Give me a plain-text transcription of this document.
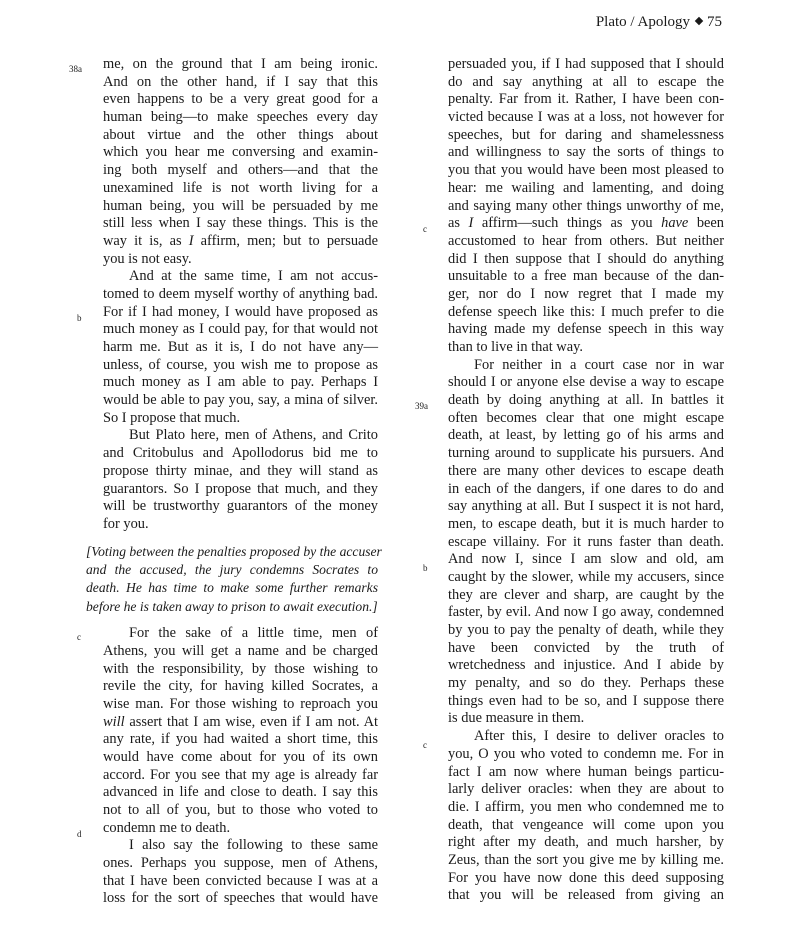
Plato / Apology 75
38a
b
c
d
c
39a
b
c
me, on the ground that I am being ironic.
And on the other hand, if I say that this
even happens to be a very great good for a
human being—to make speeches every day
about virtue and the other things about
which you hear me conversing and examin-
ing both myself and others—and that the
unexamined life is not worth living for a
human being, you will be persuaded by me
still less when I say these things. This is the
way it is, as I affirm, men; but to persuade
you is not easy.
And at the same time, I am not accus-
tomed to deem myself worthy of anything bad.
For if I had money, I would have proposed as
much money as I could pay, for that would not
harm me. But as it is, I do not have any—
unless, of course, you wish me to propose as
much money as I am able to pay. Perhaps I
would be able to pay you, say, a mina of silver.
So I propose that much.
But Plato here, men of Athens, and Crito
and Critobulus and Apollodorus bid me to
propose thirty minae, and they will stand as
guarantors. So I propose that much, and they
will be trustworthy guarantors of the money
for you.
[Voting between the penalties proposed by the accuser
and the accused, the jury condemns Socrates to
death. He has time to make some further remarks
before he is taken away to prison to await execution.]
For the sake of a little time, men of
Athens, you will get a name and be charged
with the responsibility, by those wishing to
revile the city, for having killed Socrates, a
wise man. For those wishing to reproach you
will assert that I am wise, even if I am not. At
any rate, if you had waited a short time, this
would have come about for you of its own
accord. For you see that my age is already far
advanced in life and close to death. I say this
not to all of you, but to those who voted to
condemn me to death.
I also say the following to these same
ones. Perhaps you suppose, men of Athens,
that I have been convicted because I was at a
loss for the sort of speeches that would have
persuaded you, if I had supposed that I should
do and say anything at all to escape the
penalty. Far from it. Rather, I have been con-
victed because I was at a loss, not however for
speeches, but for daring and shamelessness
and willingness to say the sorts of things to
you that you would have been most pleased to
hear: me wailing and lamenting, and doing
and saying many other things unworthy of me,
as I affirm—such things as you have been
accustomed to hear from others. But neither
did I then suppose that I should do anything
unsuitable to a free man because of the dan-
ger, nor do I now regret that I made my
defense speech like this: I much prefer to die
having made my defense speech in this way
than to live in that way.
For neither in a court case nor in war
should I or anyone else devise a way to escape
death by doing anything at all. In battles it
often becomes clear that one might escape
death, at least, by letting go of his arms and
turning around to supplicate his pursuers. And
there are many other devices to escape death
in each of the dangers, if one dares to do and
say anything at all. But I suspect it is not hard,
men, to escape death, but it is much harder to
escape villainy. For it runs faster than death.
And now I, since I am slow and old, am
caught by the slower, while my accusers, since
they are clever and sharp, are caught by the
faster, by evil. And now I go away, condemned
by you to pay the penalty of death, while they
have been convicted by the truth of
wretchedness and injustice. And I abide by
my penalty, and so do they. Perhaps these
things even had to be so, and I suppose there
is due measure in them.
After this, I desire to deliver oracles to
you, O you who voted to condemn me. For in
fact I am now where human beings particu-
larly deliver oracles: when they are about to
die. I affirm, you men who condemned me to
death, that vengeance will come upon you
right after my death, and much harsher, by
Zeus, than the sort you give me by killing me.
For you have now done this deed supposing
that you will be released from giving an
